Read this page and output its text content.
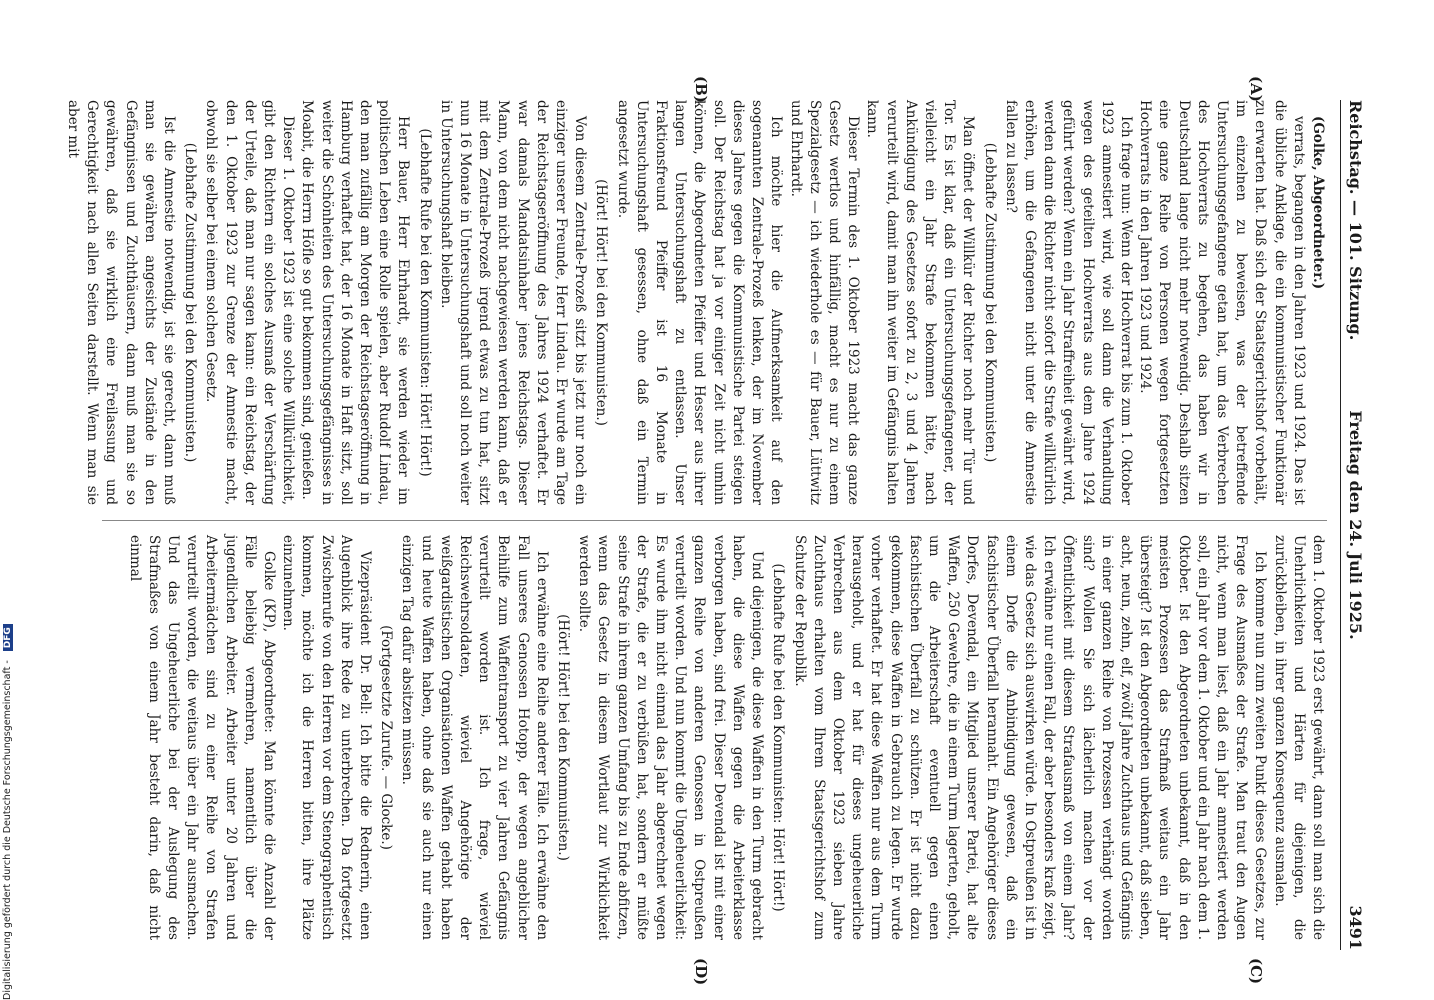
Reichstag. — 101. Sitzung.
Freitag den 24. Juli 1925.
3491
(A)
(B)
(C)
(D)

(Golke, Abgeordneter.)

verrats, begangen in den Jahren 1923 und 1924. Das ist die übliche Anklage, die ein kommunistischer Funktionär zu erwarten hat. Daß sich der Staatsgerichtshof vorbehält, im einzelnen zu beweisen, was der betreffende Untersuchungsgefangene getan hat, um das Verbrechen des Hochverrats zu begehen, das haben wir in Deutschland lange nicht mehr notwendig. Deshalb sitzen eine ganze Reihe von Personen wegen fortgesetzten Hochverrats in den Jahren 1923 und 1924.

Ich frage nun: Wenn der Hochverrat bis zum 1. Oktober 1923 amnestiert wird, wie soll dann die Verhandlung wegen des geteilten Hochverrats aus dem Jahre 1924 geführt werden? Wenn ein Jahr Straffreiheit gewährt wird, werden dann die Richter nicht sofort die Strafe willkürlich erhöhen, um die Gefangenen nicht unter die Amnestie fallen zu lassen?

(Lebhafte Zustimmung bei den Kommunisten.)

Man öffnet der Willkür der Richter noch mehr Tür und Tor. Es ist klar, daß ein Untersuchungsgefangener, der vielleicht ein Jahr Strafe bekommen hätte, nach Ankündigung des Gesetzes sofort zu 2, 3 und 4 Jahren verurteilt wird, damit man ihn weiter im Gefängnis halten kann.

Dieser Termin des 1. Oktober 1923 macht das ganze Gesetz wertlos und hinfällig, macht es nur zu einem Spezialgesetz — ich wiederhole es — für Bauer, Lüttwitz und Ehrhardt.

Ich möchte hier die Aufmerksamkeit auf den sogenannten Zentrale-Prozeß lenken, der im November dieses Jahres gegen die Kommunistische Partei steigen soll. Der Reichstag hat ja vor einiger Zeit nicht umhin können, die Abgeordneten Pfeiffer und Hesser aus ihrer langen Untersuchungshaft zu entlassen. Unser Fraktionsfreund Pfeiffer ist 16 Monate in Untersuchungshaft gesessen, ohne daß ein Termin angesetzt wurde.

(Hört! Hört! bei den Kommunisten.)

Von diesem Zentrale-Prozeß sitzt bis jetzt nur noch ein einziger unserer Freunde, Herr Lindau. Er wurde am Tage der Reichstagseröffnung des Jahres 1924 verhaftet. Er war damals Mandatsinhaber jenes Reichstags. Dieser Mann, von dem nicht nachgewiesen werden kann, daß er mit dem Zentrale-Prozeß irgend etwas zu tun hat, sitzt nun 16 Monate in Untersuchungshaft und soll noch weiter in Untersuchungshaft bleiben.

(Lebhafte Rufe bei den Kommunisten: Hört! Hört!)

Herr Bauer, Herr Ehrhardt, sie werden wieder im politischen Leben eine Rolle spielen, aber Rudolf Lindau, den man zufällig am Morgen der Reichstagseröffnung in Hamburg verhaftet hat, der 16 Monate in Haft sitzt, soll weiter die Schönheiten des Untersuchungsgefängnisses in Moabit, die Herrn Höfle so gut bekommen sind, genießen.

Dieser 1. Oktober 1923 ist eine solche Willkürlichkeit, gibt den Richtern ein solches Ausmaß der Verschärfung der Urteile, daß man nur sagen kann: ein Reichstag, der den 1. Oktober 1923 zur Grenze der Amnestie macht, obwohl sie selber bei einem solchen Gesetz.

(Lebhafte Zustimmung bei den Kommunisten.)

Ist die Amnestie notwendig, ist sie gerecht, dann muß man sie gewähren angesichts der Zustände in den Gefängnissen und Zuchthäusern, dann muß man sie so gewähren, daß sie wirklich eine Freilassung und Gerechtigkeit nach allen Seiten darstellt. Wenn man sie aber mit

dem 1. Oktober 1923 erst gewährt, dann soll man sich die Unehrlichkeiten und Härten für diejenigen, die zurückbleiben, in ihrer ganzen Konsequenz ausmalen.

Ich komme nun zum zweiten Punkt dieses Gesetzes, zur Frage des Ausmaßes der Strafe. Man traut den Augen nicht, wenn man liest, daß ein Jahr amnestiert werden soll, ein Jahr vor dem 1. Oktober und ein Jahr nach dem 1. Oktober. Ist den Abgeordneten unbekannt, daß in den meisten Prozessen das Strafmaß weitaus ein Jahr übersteigt? Ist den Abgeordneten unbekannt, daß sieben, acht, neun, zehn, elf, zwölf Jahre Zuchthaus und Gefängnis in einer ganzen Reihe von Prozessen verhängt worden sind? Wollen Sie sich lächerlich machen vor der Öffentlichkeit mit diesem Strafausmaß von einem Jahr? Ich erwähne nur einen Fall, der aber besonders kraß zeigt, wie das Gesetz sich auswirken würde. In Ostpreußen ist in einem Dorfe die Anbindigung gewesen, daß ein faschistischer Überfall herannaht. Ein Angehöriger dieses Dorfes, Devendal, ein Mitglied unserer Partei, hat alte Waffen, 250 Gewehre, die in einem Turm lagerten, geholt, um die Arbeiterschaft eventuell gegen einen faschistischen Überfall zu schützen. Er ist nicht dazu gekommen, diese Waffen in Gebrauch zu legen. Er wurde vorher verhaftet. Er hat diese Waffen nur aus dem Turm herausgeholt, und er hat für dieses ungeheuerliche Verbrechen aus dem Oktober 1923 sieben Jahre Zuchthaus erhalten vom Ihrem Staatsgerichtshof zum Schutze der Republik.

(Lebhafte Rufe bei den Kommunisten: Hört! Hört!)

Und diejenigen, die diese Waffen in den Turm gebracht haben, die diese Waffen gegen die Arbeiterklasse verborgen haben, sind frei. Dieser Devendal ist mit einer ganzen Reihe von anderen Genossen in Ostpreußen verurteilt worden. Und nun kommt die Ungeheuerlichkeit: Es wurde ihm nicht einmal das Jahr abgerechnet wegen der Strafe, die er zu verbüßen hat, sondern er müßte seine Strafe in ihrem ganzen Umfang bis zu Ende abfitzen, wenn das Gesetz in diesem Wortlaut zur Wirklichkeit werden sollte.

(Hört! Hört! bei den Kommunisten.)

Ich erwähne eine Reihe anderer Fälle. Ich erwähne den Fall unseres Genossen Hotopp, der wegen angeblicher Beihilfe zum Waffentransport zu vier Jahren Gefängnis verurteilt worden ist. Ich frage, wieviel Reichswehrsoldaten, wieviel Angehörige der weißgardistischen Organisationen Waffen gehabt haben und heute Waffen haben, ohne daß sie auch nur einen einzigen Tag dafür absitzen müssen.

(Fortgesetzte Zurufe. — Glocke.)

Vizepräsident Dr. Bell: Ich bitte die Rednerin, einen Augenblick ihre Rede zu unterbrechen. Da fortgesetzt Zwischenrufe von den Herren vor dem Stenographentisch kommen, möchte ich die Herren bitten, ihre Plätze einzunehmen.

Golke (KP), Abgeordnete: Man könnte die Anzahl der Fälle beliebig vermehren, namentlich über die jugendlichen Arbeiter. Arbeiter unter 20 Jahren und Arbeitermädchen sind zu einer Reihe von Strafen verurteilt worden, die weitaus über ein Jahr ausmachen. Und das Ungeheuerliche bei der Auslegung des Strafmaßes von einem Jahr besteht darin, daß nicht einmal

Digitalisierung gefördert durch die Deutsche Forschungsgemeinschaft - DFG
